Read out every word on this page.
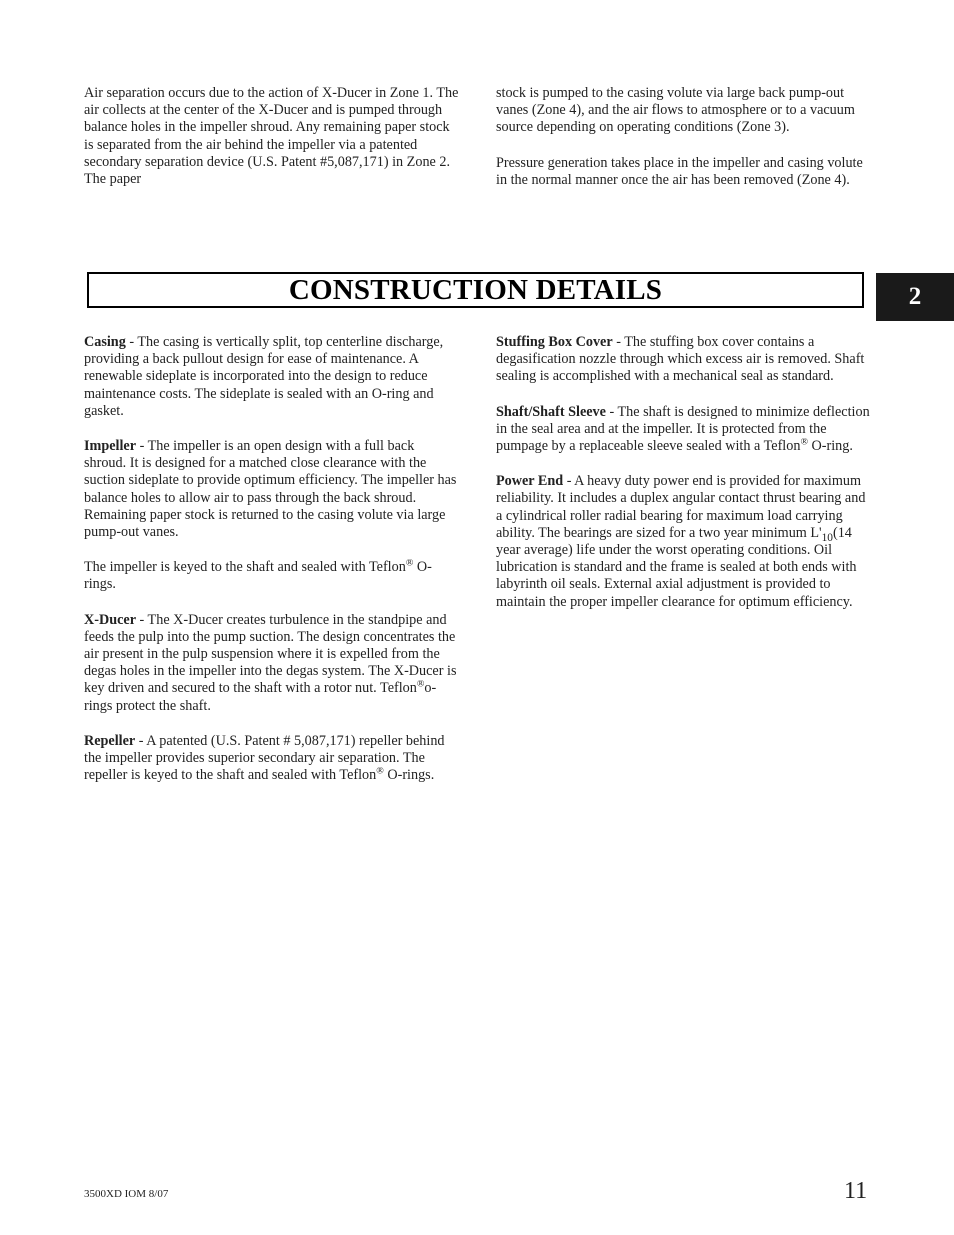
Air separation occurs due to the action of X-Ducer in Zone 1. The air collects at the center of the X-Ducer and is pumped through balance holes in the impeller shroud. Any remaining paper stock is separated from the air behind the impeller via a patented secondary separation device (U.S. Patent #5,087,171) in Zone 2. The paper

stock is pumped to the casing volute via large back pump-out vanes (Zone 4), and the air flows to atmosphere or to a vacuum source depending on operating conditions (Zone 3).

Pressure generation takes place in the impeller and casing volute in the normal manner once the air has been removed (Zone 4).

CONSTRUCTION DETAILS	2

Casing - The casing is vertically split, top centerline discharge, providing a back pullout design for ease of maintenance. A renewable sideplate is incorporated into the design to reduce maintenance costs. The sideplate is sealed with an O-ring and gasket.

Impeller - The impeller is an open design with a full back shroud. It is designed for a matched close clearance with the suction sideplate to provide optimum efficiency. The impeller has balance holes to allow air to pass through the back shroud. Remaining paper stock is returned to the casing volute via large pump-out vanes.

The impeller is keyed to the shaft and sealed with Teflon® O-rings.

X-Ducer - The X-Ducer creates turbulence in the standpipe and feeds the pulp into the pump suction. The design concentrates the air present in the pulp suspension where it is expelled from the degas holes in the impeller into the degas system. The X-Ducer is key driven and secured to the shaft with a rotor nut. Teflon®o-rings protect the shaft.

Repeller - A patented (U.S. Patent # 5,087,171) repeller behind the impeller provides superior secondary air separation. The repeller is keyed to the shaft and sealed with Teflon® O-rings.

Stuffing Box Cover - The stuffing box cover contains a degasification nozzle through which excess air is removed. Shaft sealing is accomplished with a mechanical seal as standard.

Shaft/Shaft Sleeve - The shaft is designed to minimize deflection in the seal area and at the impeller. It is protected from the pumpage by a replaceable sleeve sealed with a Teflon® O-ring.

Power End - A heavy duty power end is provided for maximum reliability. It includes a duplex angular contact thrust bearing and a cylindrical roller radial bearing for maximum load carrying ability. The bearings are sized for a two year minimum $L'_{10}(14$ year average) life under the worst operating conditions. Oil lubrication is standard and the frame is sealed at both ends with labyrinth oil seals. External axial adjustment is provided to maintain the proper impeller clearance for optimum efficiency.

3500XD IOM 8/07	11
